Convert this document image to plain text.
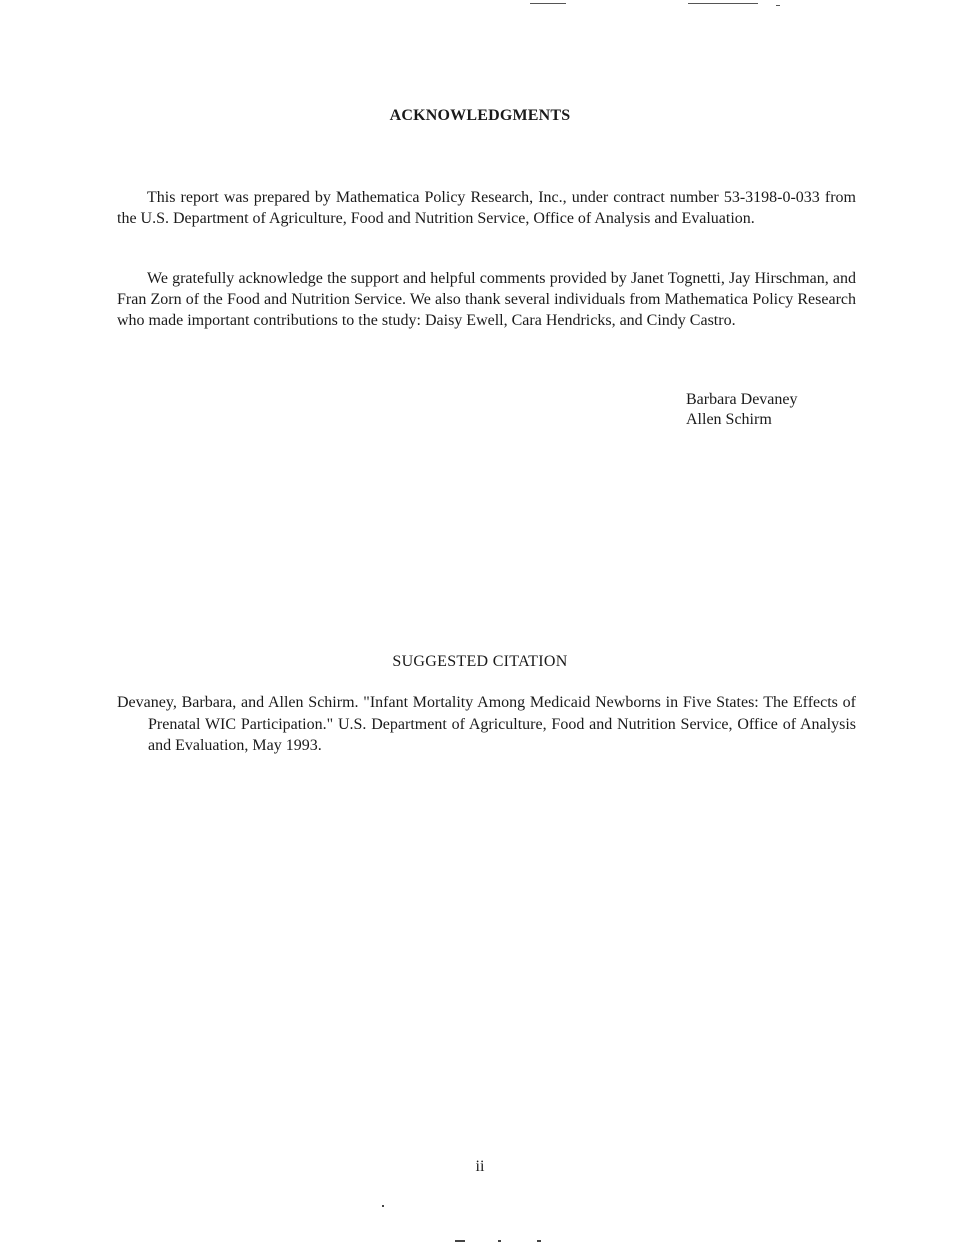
ACKNOWLEDGMENTS

This report was prepared by Mathematica Policy Research, Inc., under contract number 53-3198-0-033 from the U.S. Department of Agriculture, Food and Nutrition Service, Office of Analysis and Evaluation.

We gratefully acknowledge the support and helpful comments provided by Janet Tognetti, Jay Hirschman, and Fran Zorn of the Food and Nutrition Service. We also thank several individuals from Mathematica Policy Research who made important contributions to the study: Daisy Ewell, Cara Hendricks, and Cindy Castro.

Barbara Devaney
Allen Schirm
SUGGESTED CITATION

Devaney, Barbara, and Allen Schirm. "Infant Mortality Among Medicaid Newborns in Five States: The Effects of Prenatal WIC Participation." U.S. Department of Agriculture, Food and Nutrition Service, Office of Analysis and Evaluation, May 1993.

ii
